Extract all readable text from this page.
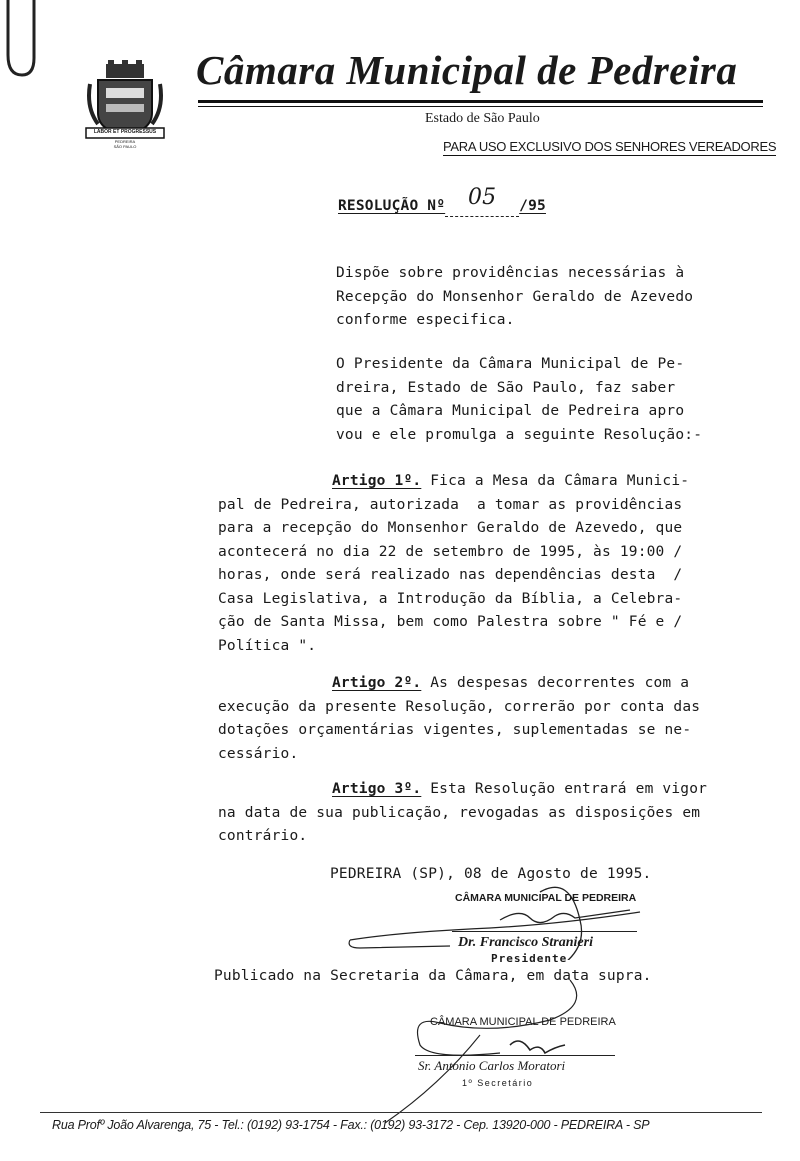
LABOR ET PROGRESSUS
PEDREIRA
SÃO PAULO
Câmara Municipal de Pedreira
Estado de São Paulo
PARA USO EXCLUSIVO DOS SENHORES VEREADORES
RESOLUÇÃO Nº 05 /95
Dispõe sobre providências necessárias à
Recepção do Monsenhor Geraldo de Azevedo
conforme especifica.
O Presidente da Câmara Municipal de Pe-
dreira, Estado de São Paulo, faz saber
que a Câmara Municipal de Pedreira apro
vou e ele promulga a seguinte Resolução:-
Artigo 1º. Fica a Mesa da Câmara Munici-
pal de Pedreira, autorizada  a tomar as providências
para a recepção do Monsenhor Geraldo de Azevedo, que
acontecerá no dia 22 de setembro de 1995, às 19:00 /
horas, onde será realizado nas dependências desta  /
Casa Legislativa, a Introdução da Bíblia, a Celebra-
ção de Santa Missa, bem como Palestra sobre " Fé e /
Política ".
Artigo 2º. As despesas decorrentes com a
execução da presente Resolução, correrão por conta das
dotações orçamentárias vigentes, suplementadas se ne-
cessário.
Artigo 3º. Esta Resolução entrará em vigor
na data de sua publicação, revogadas as disposições em
contrário.
PEDREIRA (SP), 08 de Agosto de 1995.
CÂMARA MUNICIPAL DE PEDREIRA
Dr. Francisco Stranieri
Presidente
Publicado na Secretaria da Câmara, em data supra.
CÂMARA MUNICIPAL DE PEDREIRA
Sr. Antonio Carlos Moratori
1º Secretário
Rua Profº João Alvarenga, 75 - Tel.: (0192) 93-1754 - Fax.: (0192) 93-3172 - Cep. 13920-000 - PEDREIRA - SP
